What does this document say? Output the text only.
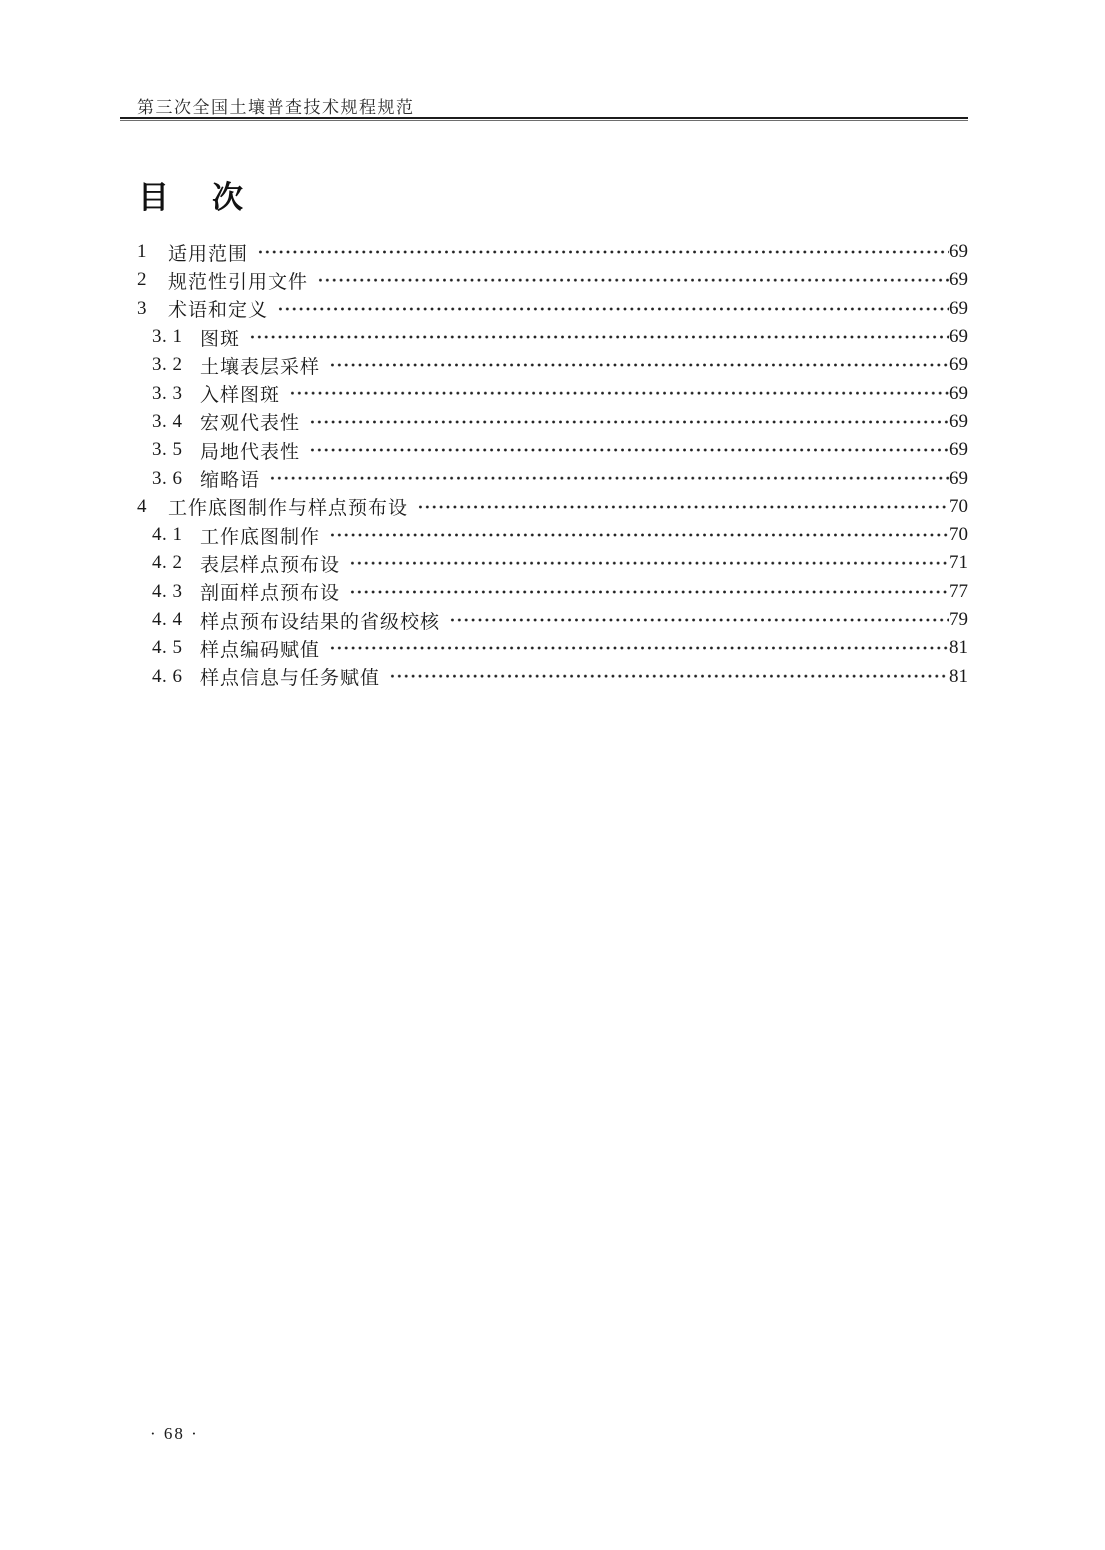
第三次全国土壤普查技术规程规范
目　次
1	适用范围	69
2	规范性引用文件	69
3	术语和定义	69
3. 1 图斑	69
3. 2 土壤表层采样	69
3. 3 入样图斑	69
3. 4 宏观代表性	69
3. 5 局地代表性	69
3. 6 缩略语	69
4	工作底图制作与样点预布设	70
4. 1 工作底图制作	70
4. 2 表层样点预布设	71
4. 3 剖面样点预布设	77
4. 4 样点预布设结果的省级校核	79
4. 5 样点编码赋值	81
4. 6 样点信息与任务赋值	81
· 68 ·
